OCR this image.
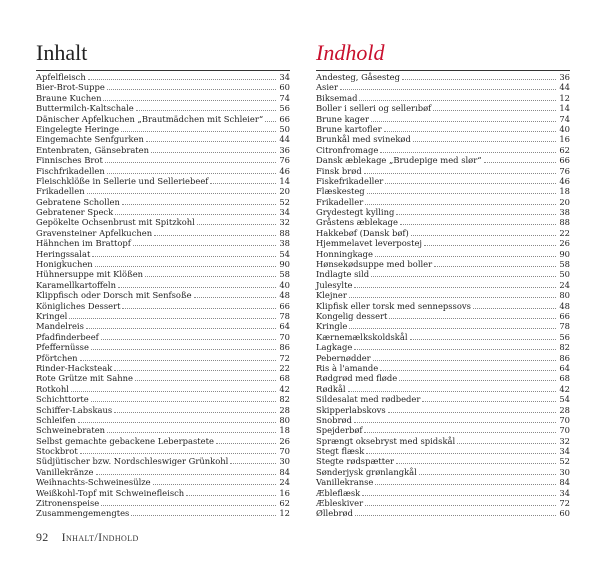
Inhalt
Apfelfleisch	34
Bier-Brot-Suppe	60
Braune Kuchen	74
Buttermilch-Kaltschale	56
Dänischer Apfelkuchen „Brautmädchen mit Schleier“ 66
Eingelegte Heringe	50
Eingemachte Senfgurken	44
Entenbraten, Gänsebraten	36
Finnisches Brot	76
Fischfrikadellen	46
Fleischklöße in Sellerie und Selleriebeef	14
Frikadellen	20
Gebratene Schollen	52
Gebratener Speck	34
Gepökelte Ochsenbrust mit Spitzkohl	32
Gravensteiner Apfelkuchen	88
Hähnchen im Brattopf	38
Heringssalat	54
Honigkuchen	90
Hühnersuppe mit Klößen	58
Karamellkartoffeln	40
Klippfisch oder Dorsch mit Senfsoße	48
Königliches Dessert	66
Kringel	78
Mandelreis	64
Pfadfinderbeef	70
Pfeffernüsse	86
Pförtchen	72
Rinder-Hacksteak	22
Rote Grütze mit Sahne	68
Rotkohl	42
Schichttorte	82
Schiffer-Labskaus	28
Schleifen	80
Schweinebraten	18
Selbst gemachte gebackene Leberpastete	26
Stockbrot	70
Südjütischer bzw. Nordschleswiger Grünkohl	30
Vanillekränze	84
Weihnachts-Schweinesülze	24
Weißkohl-Topf mit Schweinefleisch	16
Zitronenspeise	62
Zusammengemengtes	12
Indhold
Andesteg, Gåsesteg	36
Asier	44
Biksemad	12
Boller i selleri og sellerıbøf	14
Brune kager	74
Brune kartofler	40
Brunkål med svinekød	16
Citronfromage	62
Dansk æblekage „Brudepige med slør“	66
Finsk brød	76
Fiskefrikadeller	46
Flæskesteg	18
Frikadeller	20
Grydestegt kylling	38
Gråstens æblekage	88
Hakkebøf (Dansk bøf)	22
Hjemmelavet leverpostej	26
Honningkage	90
Hønsekødsuppe med boller	58
Indlagte sild	50
Julesylte	24
Klejner	80
Klipfisk eller torsk med sennepssovs	48
Kongelig dessert	66
Kringle	78
Kærnemælkskoldskål	56
Lagkage	82
Pebernødder	86
Ris à l'amande	64
Rødgrød med fløde	68
Rødkål	42
Sildesalat med rødbeder	54
Skipperlabskovs	28
Snobrød	70
Spejderbøf	70
Sprængt oksebryst med spidskål	32
Stegt flæsk	34
Stegte rødspætter	52
Sønderjysk grønlangkål	30
Vanillekranse	84
Æbleflæsk	34
Æbleskiver	72
Øllebrød	60
92 Inhalt/Indhold
